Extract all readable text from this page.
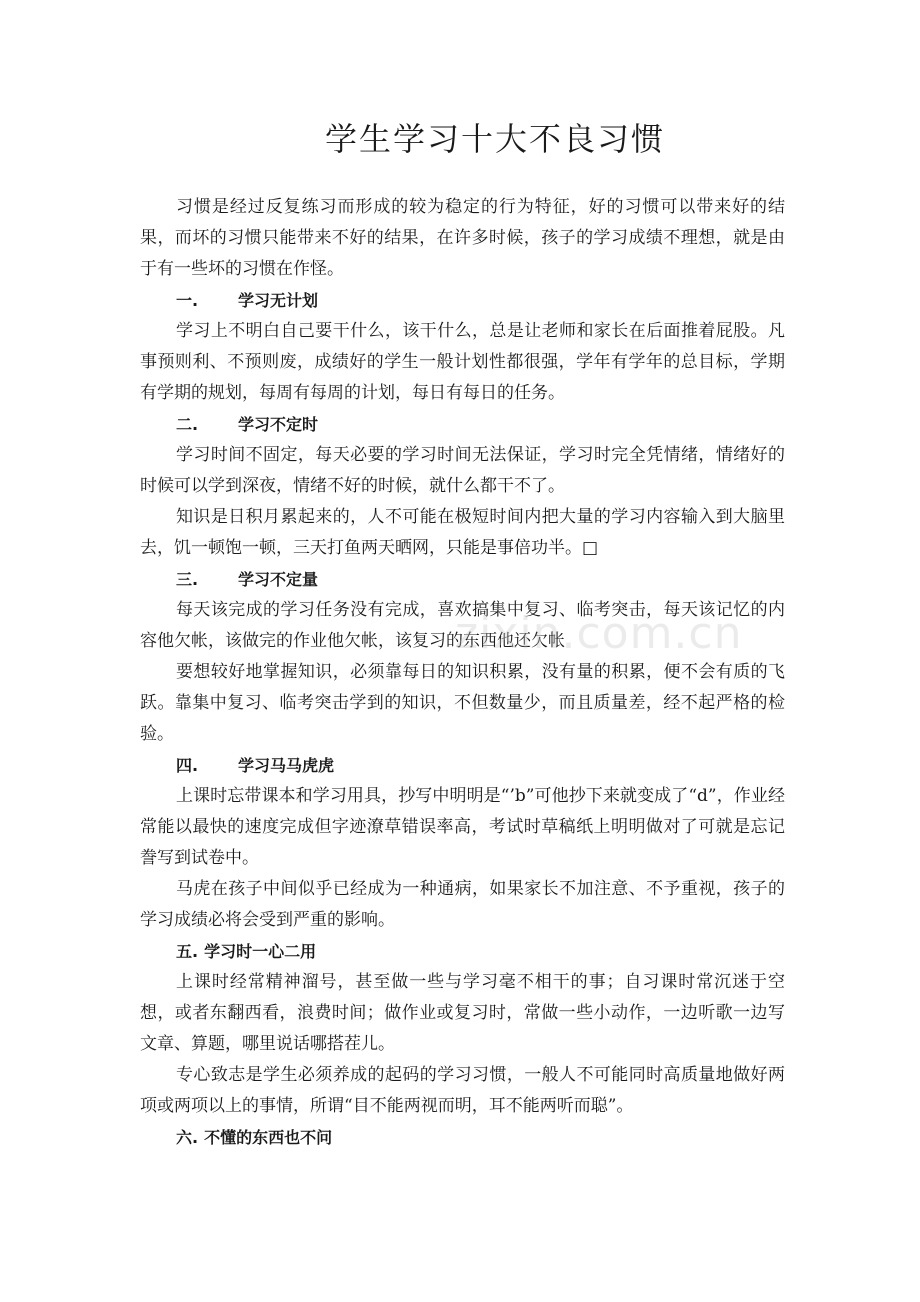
学生学习十大不良习惯

习惯是经过反复练习而形成的较为稳定的行为特征，好的习惯可以带来好的结果，而坏的习惯只能带来不好的结果，在许多时候，孩子的学习成绩不理想，就是由于有一些坏的习惯在作怪。

一. 学习无计划

学习上不明白自己要干什么，该干什么，总是让老师和家长在后面推着屁股。凡事预则利、不预则废，成绩好的学生一般计划性都很强，学年有学年的总目标，学期有学期的规划，每周有每周的计划，每日有每日的任务。

二. 学习不定时

学习时间不固定，每天必要的学习时间无法保证，学习时完全凭情绪，情绪好的时候可以学到深夜，情绪不好的时候，就什么都干不了。

知识是日积月累起来的，人不可能在极短时间内把大量的学习内容输入到大脑里去，饥一顿饱一顿，三天打鱼两天晒网，只能是事倍功半。□

三. 学习不定量

每天该完成的学习任务没有完成，喜欢搞集中复习、临考突击，每天该记忆的内容他欠帐，该做完的作业他欠帐，该复习的东西他还欠帐

要想较好地掌握知识，必须靠每日的知识积累，没有量的积累，便不会有质的飞跃。靠集中复习、临考突击学到的知识，不但数量少，而且质量差，经不起严格的检验。

四. 学习马马虎虎

上课时忘带课本和学习用具，抄写中明明是“’b”可他抄下来就变成了“d”，作业经常能以最快的速度完成但字迹潦草错误率高，考试时草稿纸上明明做对了可就是忘记誊写到试卷中。

马虎在孩子中间似乎已经成为一种通病，如果家长不加注意、不予重视，孩子的学习成绩必将会受到严重的影响。

五. 学习时一心二用

上课时经常精神溜号，甚至做一些与学习毫不相干的事；自习课时常沉迷于空想，或者东翻西看，浪费时间；做作业或复习时，常做一些小动作，一边听歌一边写文章、算题，哪里说话哪搭茬儿。

专心致志是学生必须养成的起码的学习习惯，一般人不可能同时高质量地做好两项或两项以上的事情，所谓“目不能两视而明，耳不能两听而聪”。

六. 不懂的东西也不问
zixin.com.cn
